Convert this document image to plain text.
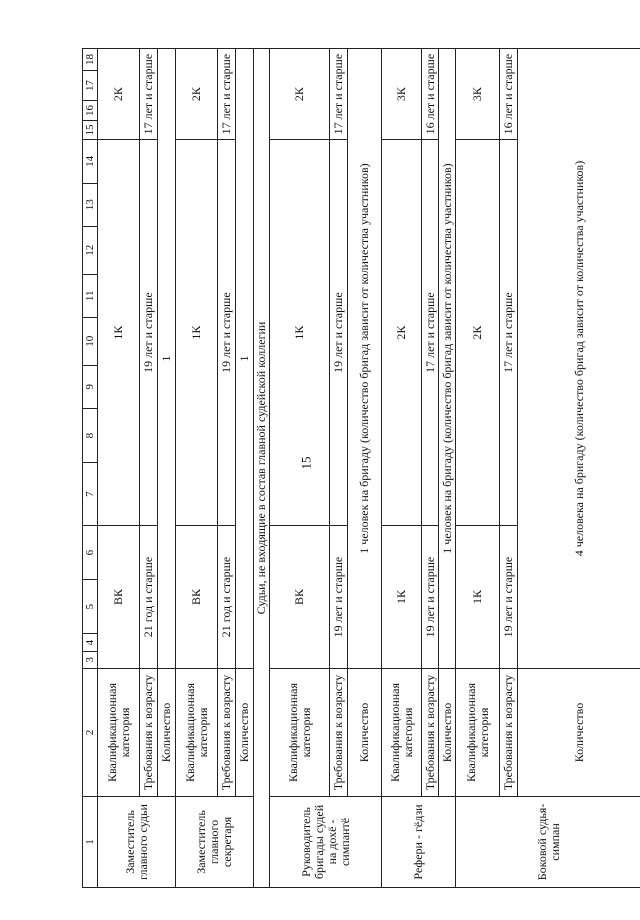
15
1	2	3	4	5	6	7	8	9	10	11	12	13	14	15	16	17	18
Заместитель главного судьи	Квалификационная категория	ВК				1К								2К			
	Требования к возрасту	21 год и старше				19 лет и старше								17 лет и старше			
	Количество	1															
Заместитель главного секретаря	Квалификационная категория	ВК				1К								2К			
	Требования к возрасту	21 год и старше				19 лет и старше								17 лет и старше			
	Количество	1															
Судьи, не входящие в состав главной судейской коллегии																	
Руководитель бригады судей на дохё - симпантё	Квалификационная категория	ВК				1К								2К			
	Требования к возрасту	19 лет и старше				19 лет и старше								17 лет и старше			
	Количество	1 человек на бригаду (количество бригад зависит от количества участников)															
Рефери - гёдзи	Квалификационная категория	1К				2К								3К			
	Требования к возрасту	19 лет и старше				17 лет и старше								16 лет и старше			
	Количество	1 человек на бригаду (количество бригад зависит от количества участников)															
Боковой судья-симпан	Квалификационная категория	1К				2К								3К			
	Требования к возрасту	19 лет и старше				17 лет и старше								16 лет и старше			
	Количество	4 человека на бригаду (количество бригад зависит от количества участников)															
